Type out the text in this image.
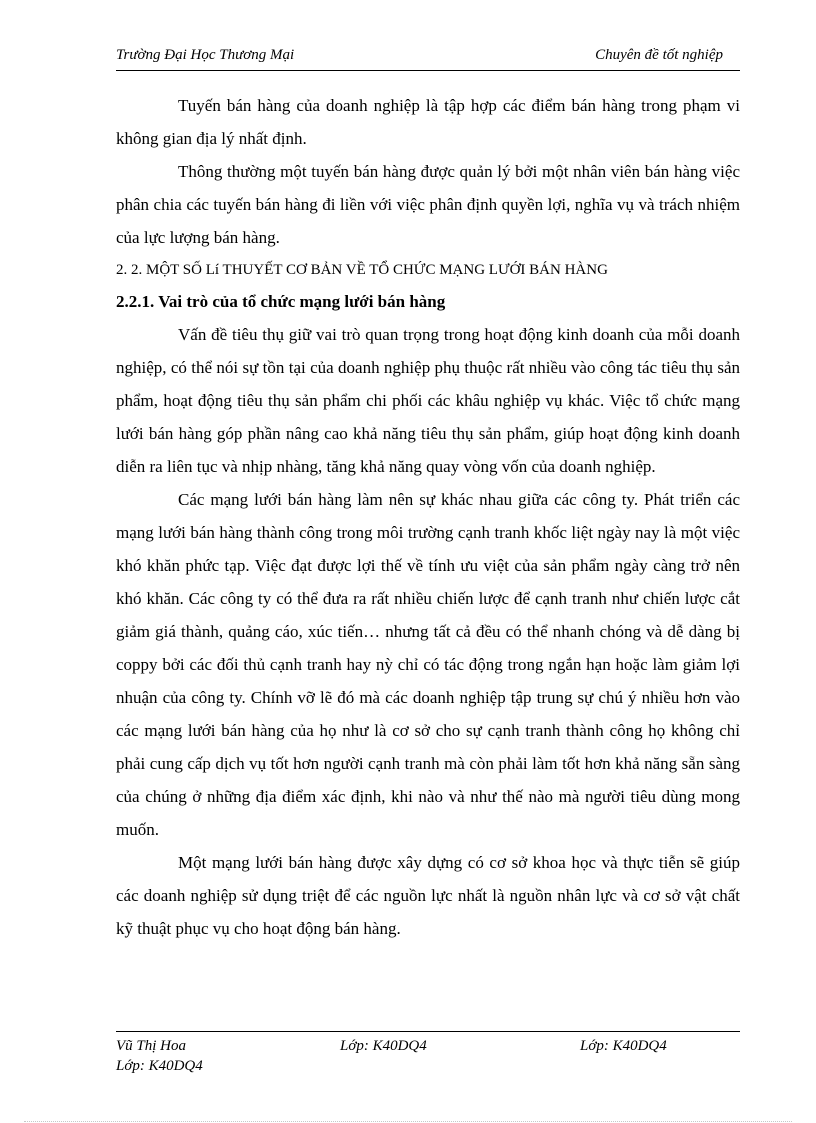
Trường Đại Học Thương Mại	Chuyên đề tốt nghiệp

Tuyến bán hàng của doanh nghiệp là tập hợp các điểm bán hàng trong phạm vi không gian địa lý nhất định.

Thông thường một tuyến bán hàng được quản lý bởi một nhân viên bán hàng việc phân chia các tuyến bán hàng đi liền với việc phân định quyền lợi, nghĩa vụ và trách nhiệm của lực lượng bán hàng.

2. 2. MỘT SỐ Lí THUYẾT CƠ BẢN VỀ TỔ CHỨC MẠNG LƯỚI BÁN HÀNG

2.2.1. Vai trò của tổ chức mạng lưới bán hàng

Vấn đề tiêu thụ giữ vai trò quan trọng trong hoạt động kinh doanh của mỗi doanh nghiệp, có thể nói sự tồn tại của doanh nghiệp phụ thuộc rất nhiều vào công tác tiêu thụ sản phẩm, hoạt động tiêu thụ sản phẩm chi phối các khâu nghiệp vụ khác. Việc tổ chức mạng lưới bán hàng góp phần nâng cao khả năng tiêu thụ sản phẩm, giúp hoạt động kinh doanh diễn ra liên tục và nhịp nhàng, tăng khả năng quay vòng vốn của doanh nghiệp.

Các mạng lưới bán hàng làm nên sự khác nhau giữa các công ty. Phát triển các mạng lưới bán hàng thành công trong môi trường cạnh tranh khốc liệt ngày nay là một việc khó khăn phức tạp. Việc đạt được lợi thế về tính ưu việt của sản phẩm ngày càng trở nên khó khăn. Các công ty có thể đưa ra rất nhiều chiến lược để cạnh tranh như chiến lược cắt giảm giá thành, quảng cáo, xúc tiến… nhưng tất cả đều có thể nhanh chóng và dễ dàng bị coppy bởi các đối thủ cạnh tranh hay nỳ chỉ có tác động trong ngắn hạn hoặc làm giảm lợi nhuận của công ty. Chính vỡ lẽ đó mà các doanh nghiệp tập trung sự chú ý nhiều hơn vào các mạng lưới bán hàng của họ như là cơ sở cho sự cạnh tranh thành công họ không chỉ phải cung cấp dịch vụ tốt hơn người cạnh tranh mà còn phải làm tốt hơn khả năng sẵn sàng của chúng ở những địa điểm xác định, khi nào và như thế nào mà người tiêu dùng mong muốn.

Một mạng lưới bán hàng được xây dựng có cơ sở khoa học và thực tiễn sẽ giúp các doanh nghiệp sử dụng triệt để các nguồn lực nhất là nguồn nhân lực và cơ sở vật chất kỹ thuật phục vụ cho hoạt động bán hàng.

Vũ Thị Hoa	Lớp: K40DQ4	Lớp: K40DQ4
Lớp: K40DQ4
